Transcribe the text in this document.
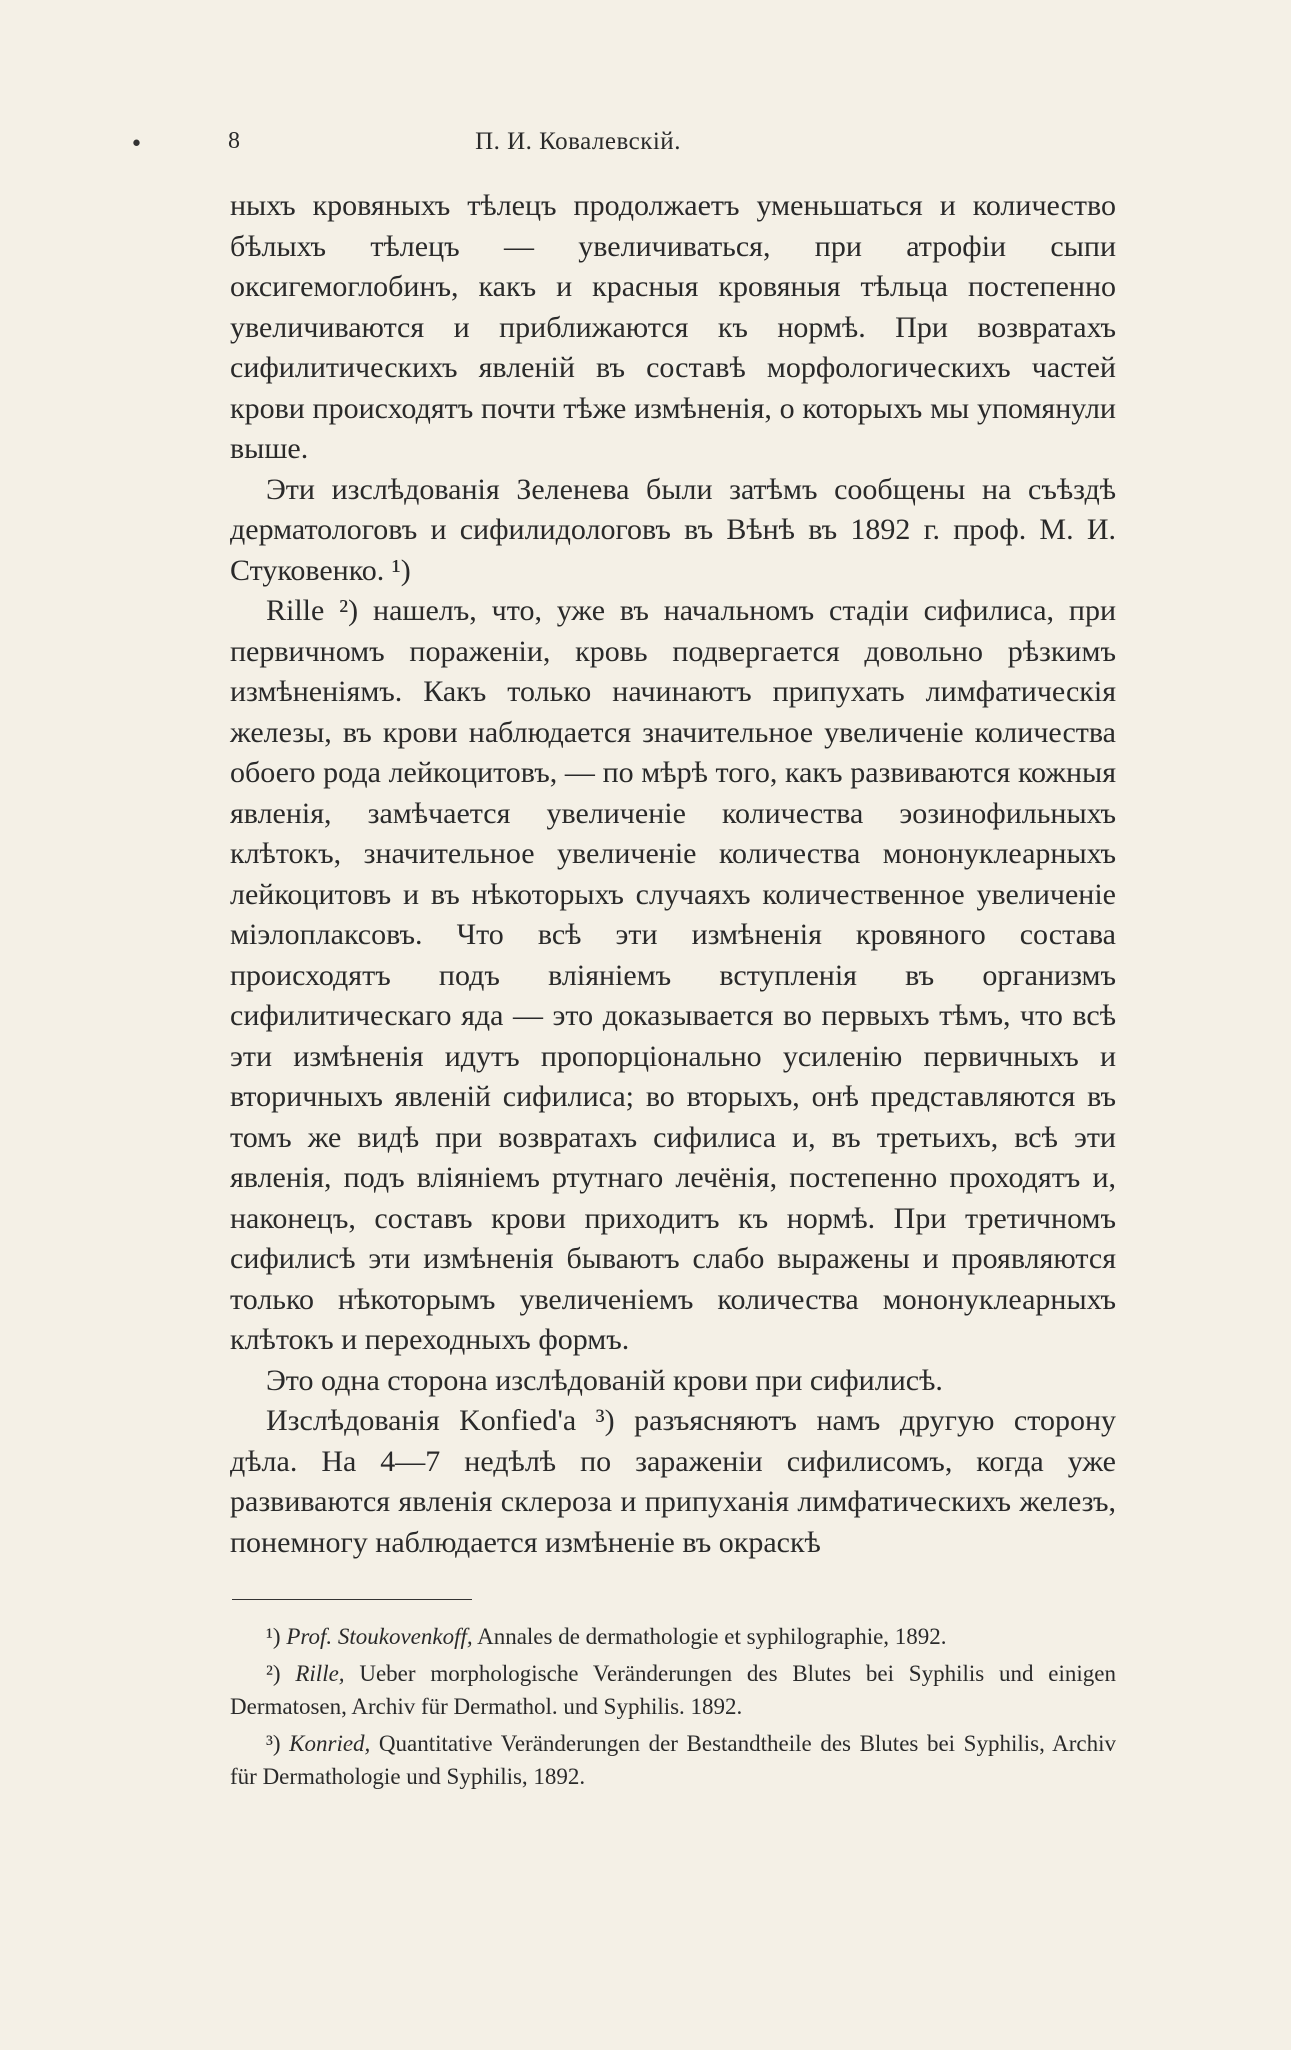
•	8	П. И. Ковалевскій.

ныхъ кровяныхъ тѣлецъ продолжаетъ уменьшаться и количество бѣлыхъ тѣлецъ — увеличиваться, при атрофіи сыпи оксигемоглобинъ, какъ и красныя кровяныя тѣльца постепенно увеличиваются и приближаются къ нормѣ. При возвратахъ сифилитическихъ явленій въ составѣ морфологическихъ частей крови происходятъ почти тѣже измѣненія, о которыхъ мы упомянули выше.

Эти изслѣдованія Зеленева были затѣмъ сообщены на съѣздѣ дерматологовъ и сифилидологовъ въ Вѣнѣ въ 1892 г. проф. М. И. Стуковенко. ¹)

Rille ²) нашелъ, что, уже въ начальномъ стадіи сифилиса, при первичномъ пораженіи, кровь подвергается довольно рѣзкимъ измѣненіямъ. Какъ только начинаютъ припухать лимфатическія железы, въ крови наблюдается значительное увеличеніе количества обоего рода лейкоцитовъ, — по мѣрѣ того, какъ развиваются кожныя явленія, замѣчается увеличеніе количества эозинофильныхъ клѣтокъ, значительное увеличеніе количества мононуклеарныхъ лейкоцитовъ и въ нѣкоторыхъ случаяхъ количественное увеличеніе міэлоплаксовъ. Что всѣ эти измѣненія кровяного состава происходятъ подъ вліяніемъ вступленія въ организмъ сифилитическаго яда — это доказывается во первыхъ тѣмъ, что всѣ эти измѣненія идутъ пропорціонально усиленію первичныхъ и вторичныхъ явленій сифилиса; во вторыхъ, онѣ представляются въ томъ же видѣ при возвратахъ сифилиса и, въ третьихъ, всѣ эти явленія, подъ вліяніемъ ртутнаго лечёнія, постепенно проходятъ и, наконецъ, составъ крови приходитъ къ нормѣ. При третичномъ сифилисѣ эти измѣненія бываютъ слабо выражены и проявляются только нѣкоторымъ увеличеніемъ количества мононуклеарныхъ клѣтокъ и переходныхъ формъ.

Это одна сторона изслѣдованій крови при сифилисѣ.

Изслѣдованія Konfied'а ³) разъясняютъ намъ другую сторону дѣла. На 4—7 недѣлѣ по зараженіи сифилисомъ, когда уже развиваются явленія склероза и припуханія лимфатическихъ железъ, понемногу наблюдается измѣненіе въ окраскѣ

¹) Prof. Stoukovenkoff, Annales de dermathologie et syphilographie, 1892.

²) Rille, Ueber morphologische Veränderungen des Blutes bei Syphilis und einigen Dermatosen, Archiv für Dermathol. und Syphilis. 1892.

³) Konried, Quantitative Veränderungen der Bestandtheile des Blutes bei Syphilis, Archiv für Dermathologie und Syphilis, 1892.
